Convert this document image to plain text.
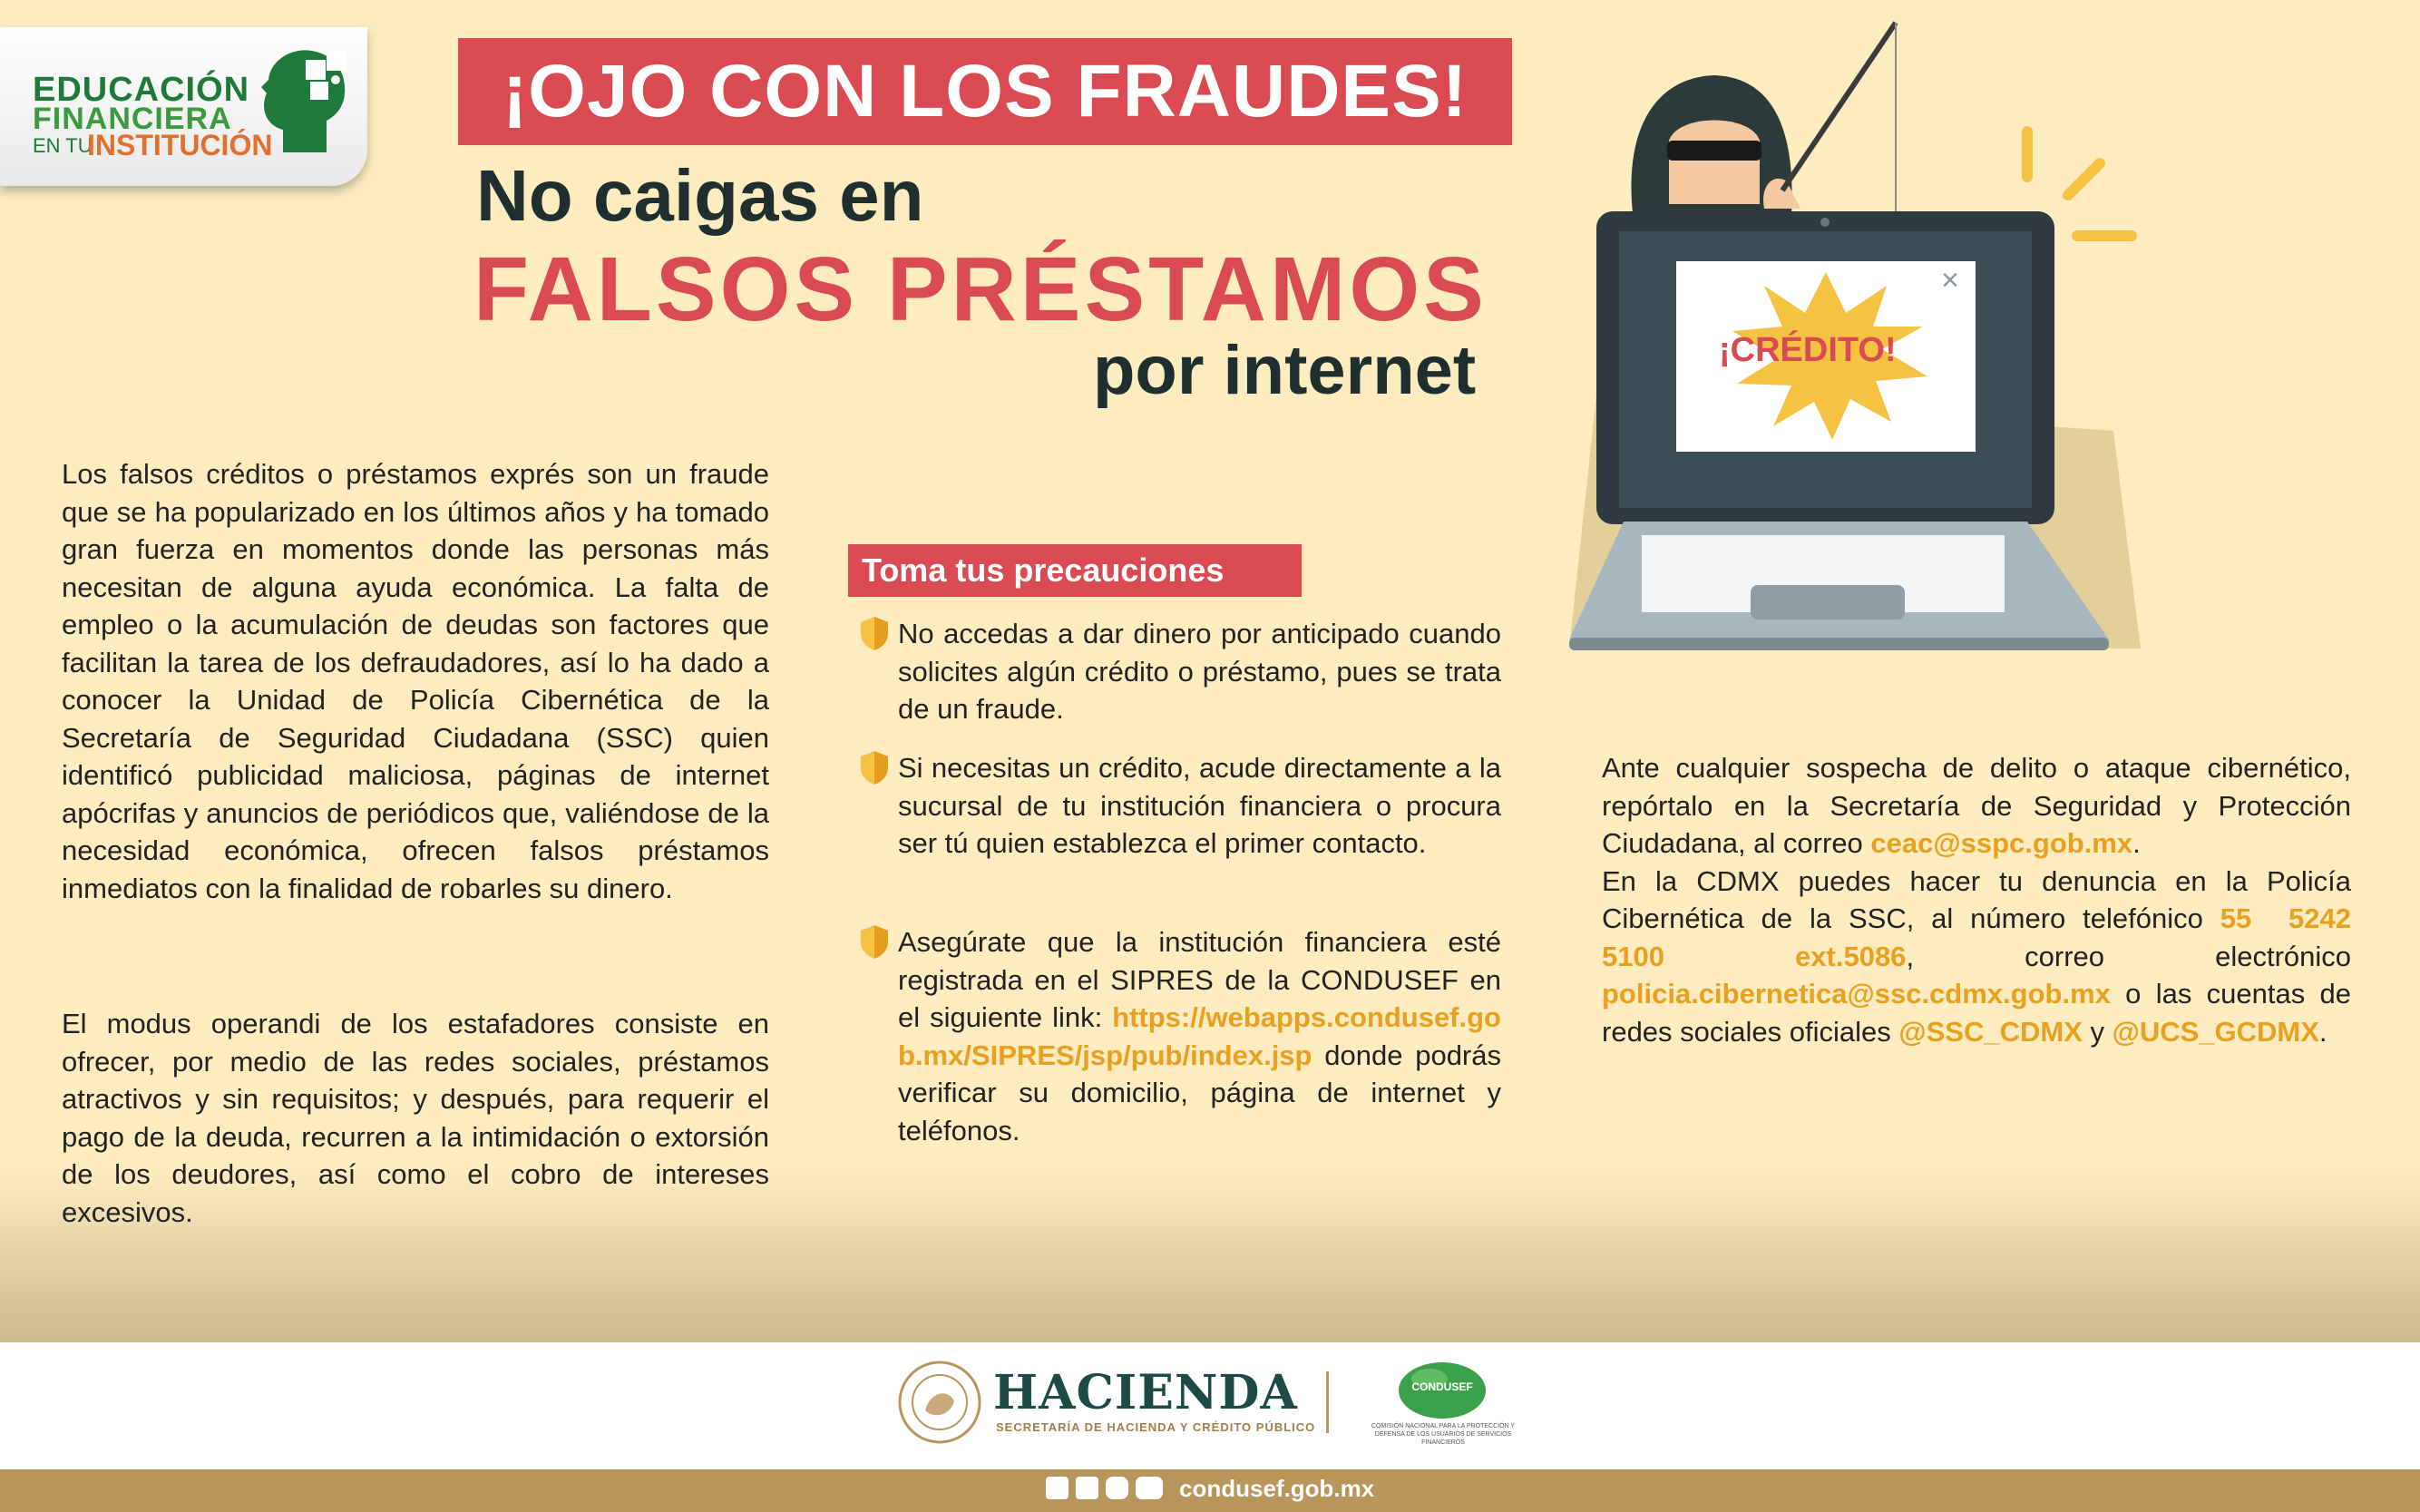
EDUCACIÓN
FINANCIERA
EN TU
INSTITUCIÓN
¡OJO CON LOS FRAUDES!
No caigas en
FALSOS PRÉSTAMOS
por internet	¡CRÉDITO!
×
Los falsos créditos o préstamos exprés son un fraude que se ha popularizado en los últimos años y ha tomado gran fuerza en momentos donde las personas más necesitan de alguna ayuda económica. La falta de empleo o la acumulación de deudas son factores que facilitan la tarea de los defraudadores, así lo ha dado a conocer la Unidad de Policía Cibernética de la Secretaría de Seguridad Ciudadana (SSC) quien identificó publicidad maliciosa, páginas de internet apócrifas y anuncios de periódicos que, valiéndose de la necesidad económica, ofrecen falsos préstamos inmediatos con la finalidad de robarles su dinero.
El modus operandi de los estafadores consiste en ofrecer, por medio de las redes sociales, préstamos atractivos y sin requisitos; y después, para requerir el pago de la deuda, recurren a la intimidación o extorsión de los deudores, así como el cobro de intereses excesivos.
Toma tus precauciones
No accedas a dar dinero por anticipado cuando solicites algún crédito o préstamo, pues se trata de un fraude.
Si necesitas un crédito, acude directamente a la sucursal de tu institución financiera o procura ser tú quien establezca el primer contacto.
Asegúrate que la institución financiera esté registrada en el SIPRES de la CONDUSEF en el siguiente link: https://webapps.condusef.gob.mx/SIPRES/jsp/pub/index.jsp donde podrás verificar su domicilio, página de internet y teléfonos.
Ante cualquier sospecha de delito o ataque cibernético, repórtalo en la Secretaría de Seguridad y Protección Ciudadana, al correo ceac@sspc.gob.mx.
En la CDMX puedes hacer tu denuncia en la Policía Cibernética de la SSC, al número telefónico 55 5242 5100 ext.5086, correo electrónico policia.cibernetica@ssc.cdmx.gob.mx o las cuentas de redes sociales oficiales @SSC_CDMX y @UCS_GCDMX.
HACIENDA
SECRETARÍA DE HACIENDA Y CRÉDITO PÚBLICO
CONDUSEF
COMISIÓN NACIONAL PARA LA PROTECCIÓN Y DEFENSA DE LOS USUARIOS DE SERVICIOS FINANCIEROS
condusef.gob.mx
